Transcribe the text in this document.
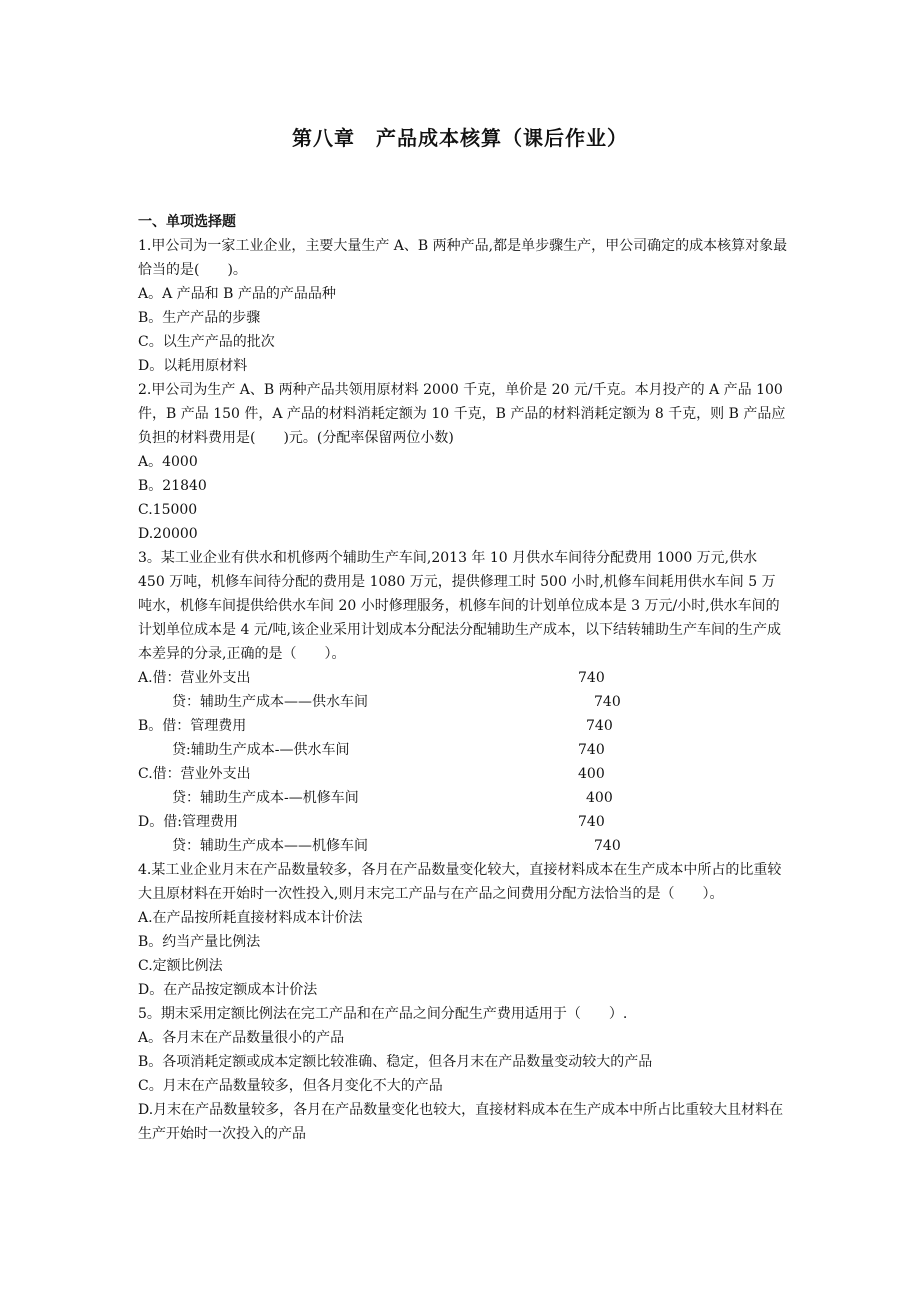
第八章　产品成本核算（课后作业）
一、单项选择题
1.甲公司为一家工业企业，主要大量生产 A、B 两种产品,都是单步骤生产，甲公司确定的成本核算对象最恰当的是(　　)。
A。A 产品和 B 产品的产品品种
B。生产产品的步骤
C。以生产产品的批次
D。以耗用原材料
2.甲公司为生产 A、B 两种产品共领用原材料 2000 千克，单价是 20 元/千克。本月投产的 A 产品 100 件，B 产品 150 件，A 产品的材料消耗定额为 10 千克，B 产品的材料消耗定额为 8 千克，则 B 产品应负担的材料费用是(　　)元。(分配率保留两位小数)
A。4000
B。21840
C.15000
D.20000
3。某工业企业有供水和机修两个辅助生产车间,2013 年 10 月供水车间待分配费用 1000 万元,供水 450 万吨，机修车间待分配的费用是 1080 万元，提供修理工时 500 小时,机修车间耗用供水车间 5 万吨水，机修车间提供给供水车间 20 小时修理服务，机修车间的计划单位成本是 3 万元/小时,供水车间的计划单位成本是 4 元/吨,该企业采用计划成本分配法分配辅助生产成本，以下结转辅助生产车间的生产成本差异的分录,正确的是（　　）。
A.借：营业外支出	740
贷：辅助生产成本——供水车间	740
B。借：管理费用	740
贷:辅助生产成本-—供水车间	740
C.借：营业外支出	400
贷：辅助生产成本-—机修车间	400
D。借:管理费用	740
贷：辅助生产成本——机修车间	740
4.某工业企业月末在产品数量较多，各月在产品数量变化较大，直接材料成本在生产成本中所占的比重较大且原材料在开始时一次性投入,则月末完工产品与在产品之间费用分配方法恰当的是（　　）。
A.在产品按所耗直接材料成本计价法
B。约当产量比例法
C.定额比例法
D。在产品按定额成本计价法
5。期末采用定额比例法在完工产品和在产品之间分配生产费用适用于（　　）.
A。各月末在产品数量很小的产品
B。各项消耗定额或成本定额比较准确、稳定，但各月末在产品数量变动较大的产品
C。月末在产品数量较多，但各月变化不大的产品
D.月末在产品数量较多，各月在产品数量变化也较大，直接材料成本在生产成本中所占比重较大且材料在生产开始时一次投入的产品
